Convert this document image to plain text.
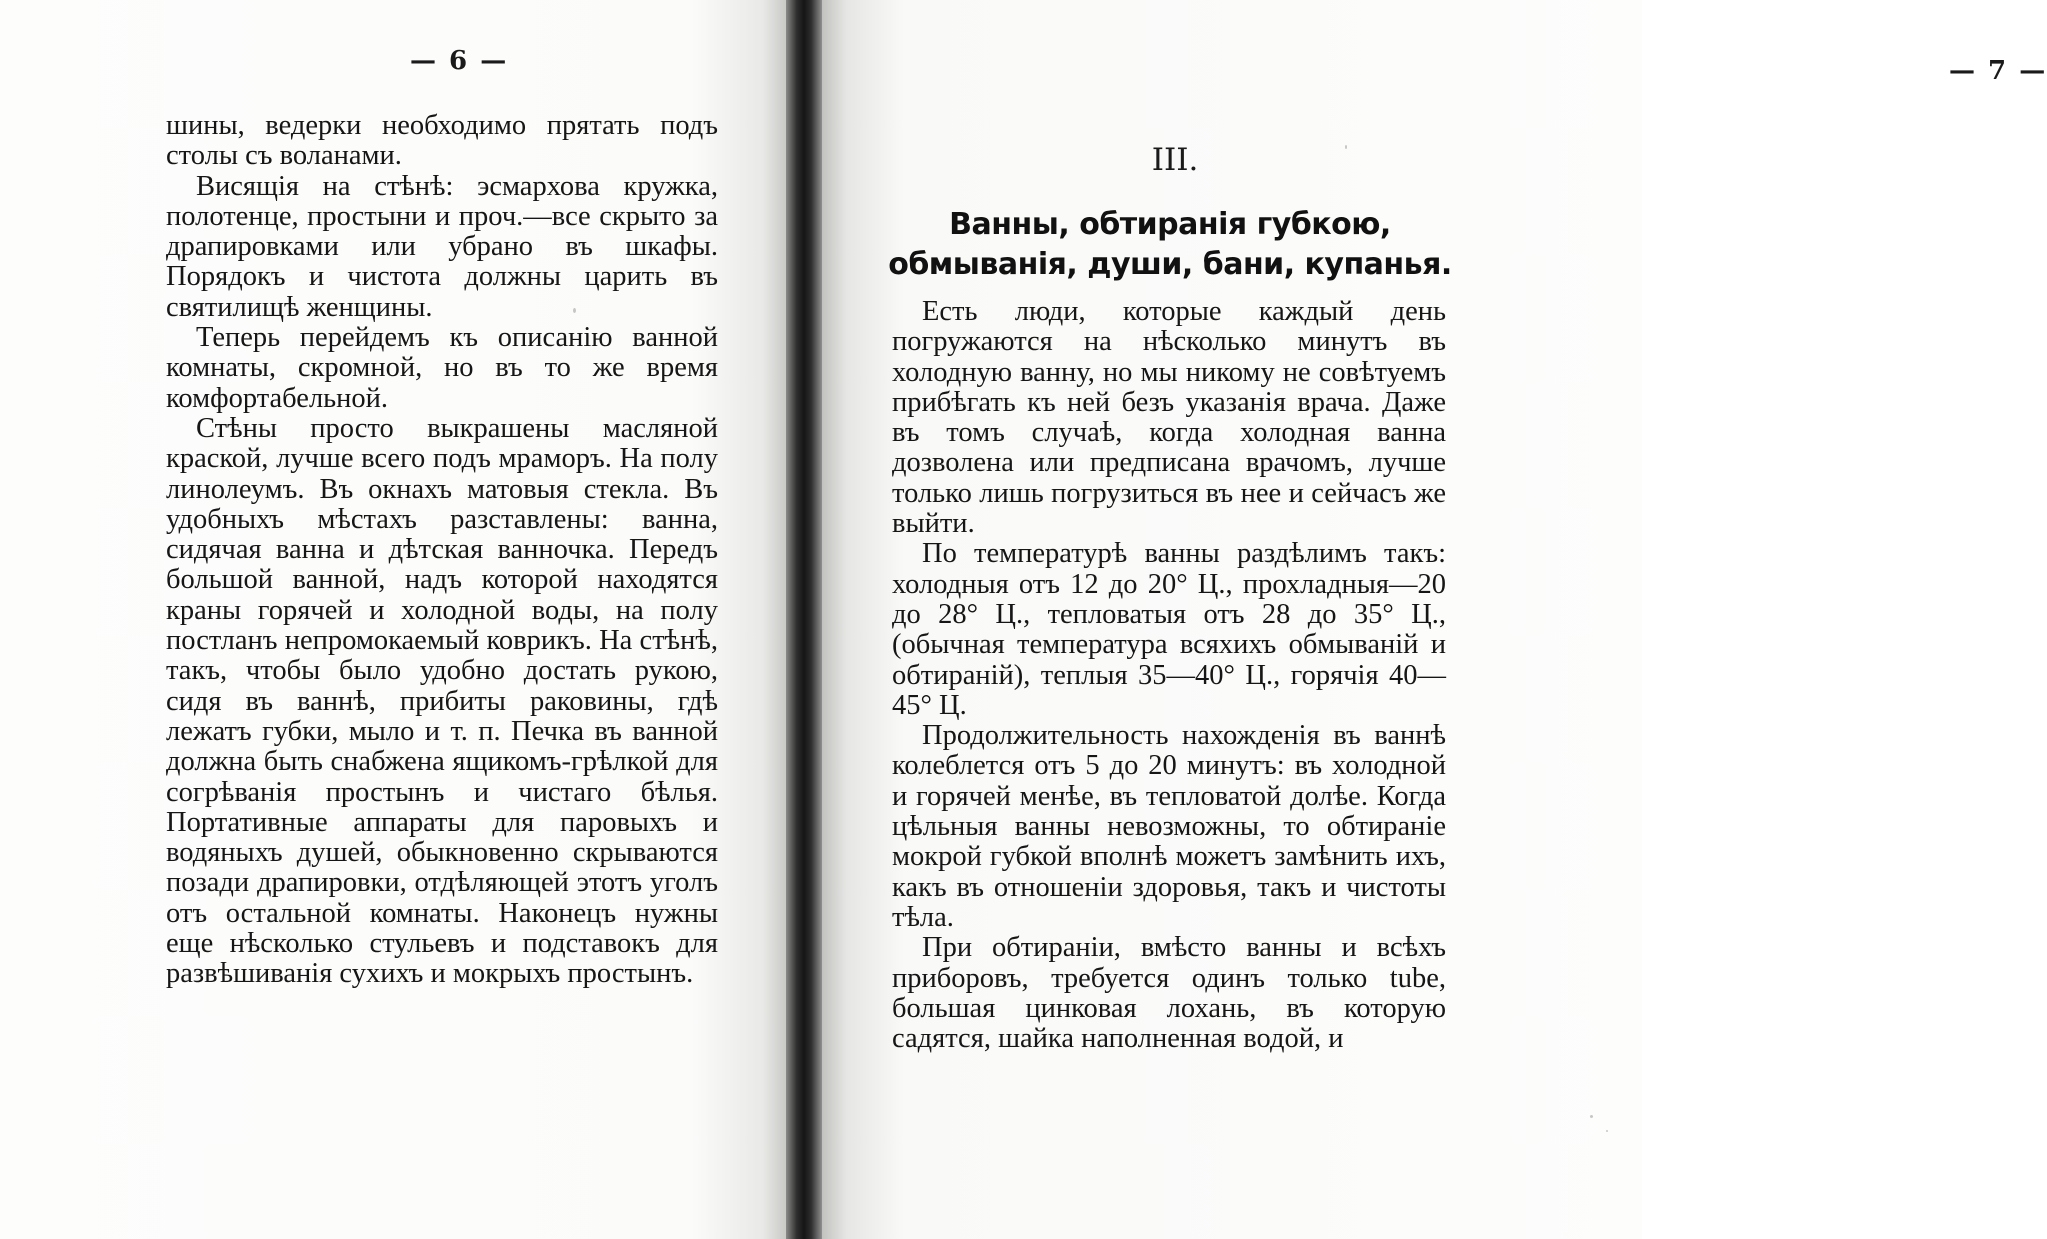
— 6 —

шины, ведерки необходимо прятать подъ столы съ воланами.

Висящія на стѣнѣ: эсмархова кружка, полотенце, простыни и проч.—все скрыто за драпировками или убрано въ шкафы. Порядокъ и чистота должны царить въ святилищѣ женщины.

Теперь перейдемъ къ описанію ванной комнаты, скромной, но въ то же время комфортабельной.

Стѣны просто выкрашены масляной краской, лучше всего подъ мраморъ. На полу линолеумъ. Въ окнахъ матовыя стекла. Въ удобныхъ мѣстахъ разставлены: ванна, сидячая ванна и дѣтская ванночка. Передъ большой ванной, надъ которой находятся краны горячей и холодной воды, на полу постланъ непромокаемый коврикъ. На стѣнѣ, такъ, чтобы было удобно достать рукою, сидя въ ваннѣ, прибиты раковины, гдѣ лежатъ губки, мыло и т. п. Печка въ ванной должна быть снабжена ящикомъ-грѣлкой для согрѣванія простынъ и чистаго бѣлья. Портативные аппараты для паровыхъ и водяныхъ душей, обыкновенно скрываются позади драпировки, отдѣляющей этотъ уголъ отъ остальной комнаты. Наконецъ нужны еще нѣсколько стульевъ и подставокъ для развѣшиванія сухихъ и мокрыхъ простынъ.

— 7 —
III.
Ванны, обтиранія губкою, обмыванія, души, бани, купанья.

Есть люди, которые каждый день погружаются на нѣсколько минутъ въ холодную ванну, но мы никому не совѣтуемъ прибѣгать къ ней безъ указанія врача. Даже въ томъ случаѣ, когда холодная ванна дозволена или предписана врачомъ, лучше только лишь погрузиться въ нее и сейчасъ же выйти.

По температурѣ ванны раздѣлимъ такъ: холодныя отъ 12 до 20° Ц., прохладныя—20 до 28° Ц., тепловатыя отъ 28 до 35° Ц., (обычная температура всяхихъ обмываній и обтираній), теплыя 35—40° Ц., горячія 40—45° Ц.

Продолжительность нахожденія въ ваннѣ колеблется отъ 5 до 20 минутъ: въ холодной и горячей менѣе, въ тепловатой долѣе. Когда цѣльныя ванны невозможны, то обтираніе мокрой губкой вполнѣ можетъ замѣнить ихъ, какъ въ отношеніи здоровья, такъ и чистоты тѣла.

При обтираніи, вмѣсто ванны и всѣхъ приборовъ, требуется одинъ только tube, большая цинковая лохань, въ которую садятся, шайка наполненная водой, и
